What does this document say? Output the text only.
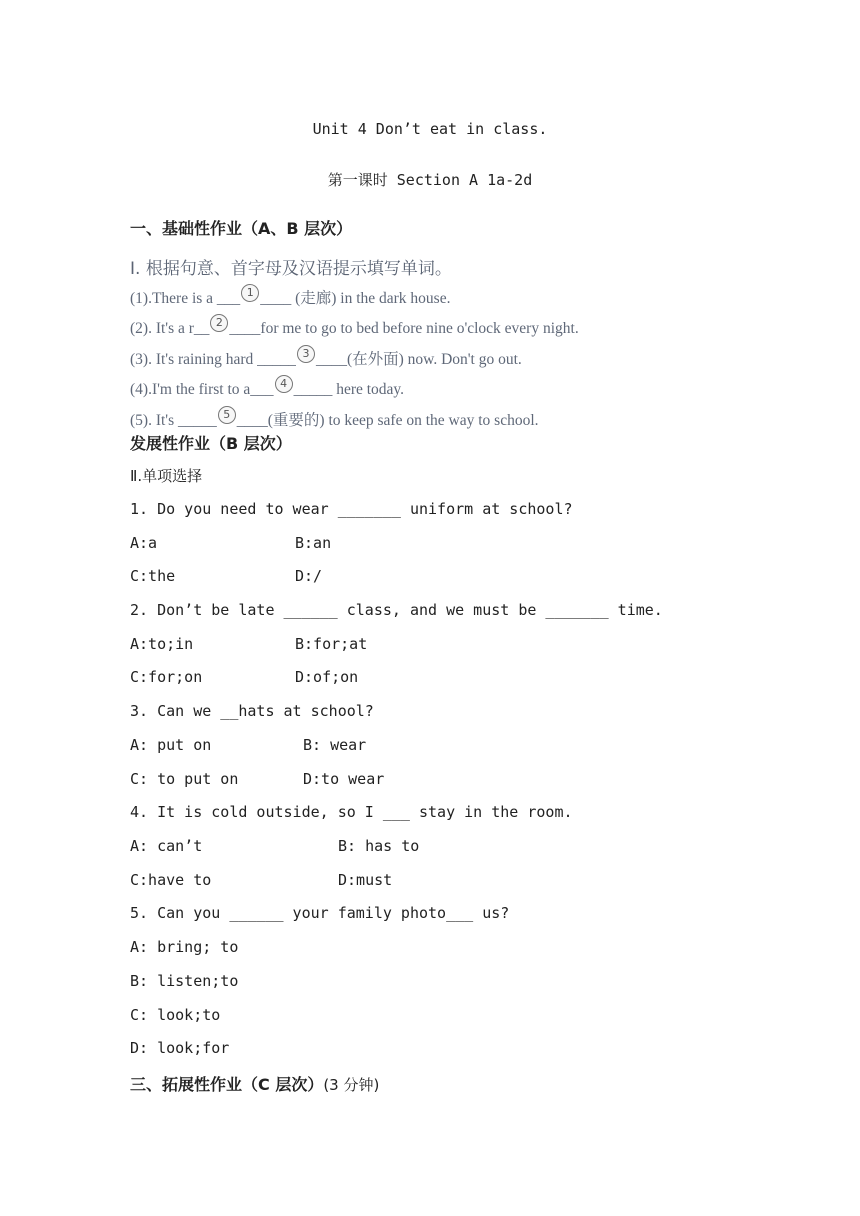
Unit 4 Don’t eat in class.
第一课时 Section A 1a-2d
一、基础性作业（A、B 层次）
I. 根据句意、首字母及汉语提示填写单词。
(1).There is a ___ 1 ____ (走廊) in the dark house.
(2). It's a r__ 2 ____for me to go to bed before nine o'clock every night.
(3). It's raining hard _____ 3 ____(在外面) now. Don't go out.
(4).I'm the first to a___ 4 _____ here today.
(5). It's _____ 5 ____(重要的) to keep safe on the way to school.
发展性作业（B 层次）
Ⅱ.单项选择
1. Do you need to wear _______ uniform at school?
A:a	B:an
C:the	D:/
2. Don’t be late ______ class, and we must be _______ time.
A:to;in	B:for;at
C:for;on	D:of;on
3. Can we __hats at school?
A: put on	B: wear
C: to put on	D:to wear
4. It is cold outside, so I ___ stay in the room.
A: can’t	B: has to
C:have to	D:must
5. Can you ______ your family photo___ us?
A: bring; to
B: listen;to
C: look;to
D: look;for
三、拓展性作业（C 层次）(3 分钟)
